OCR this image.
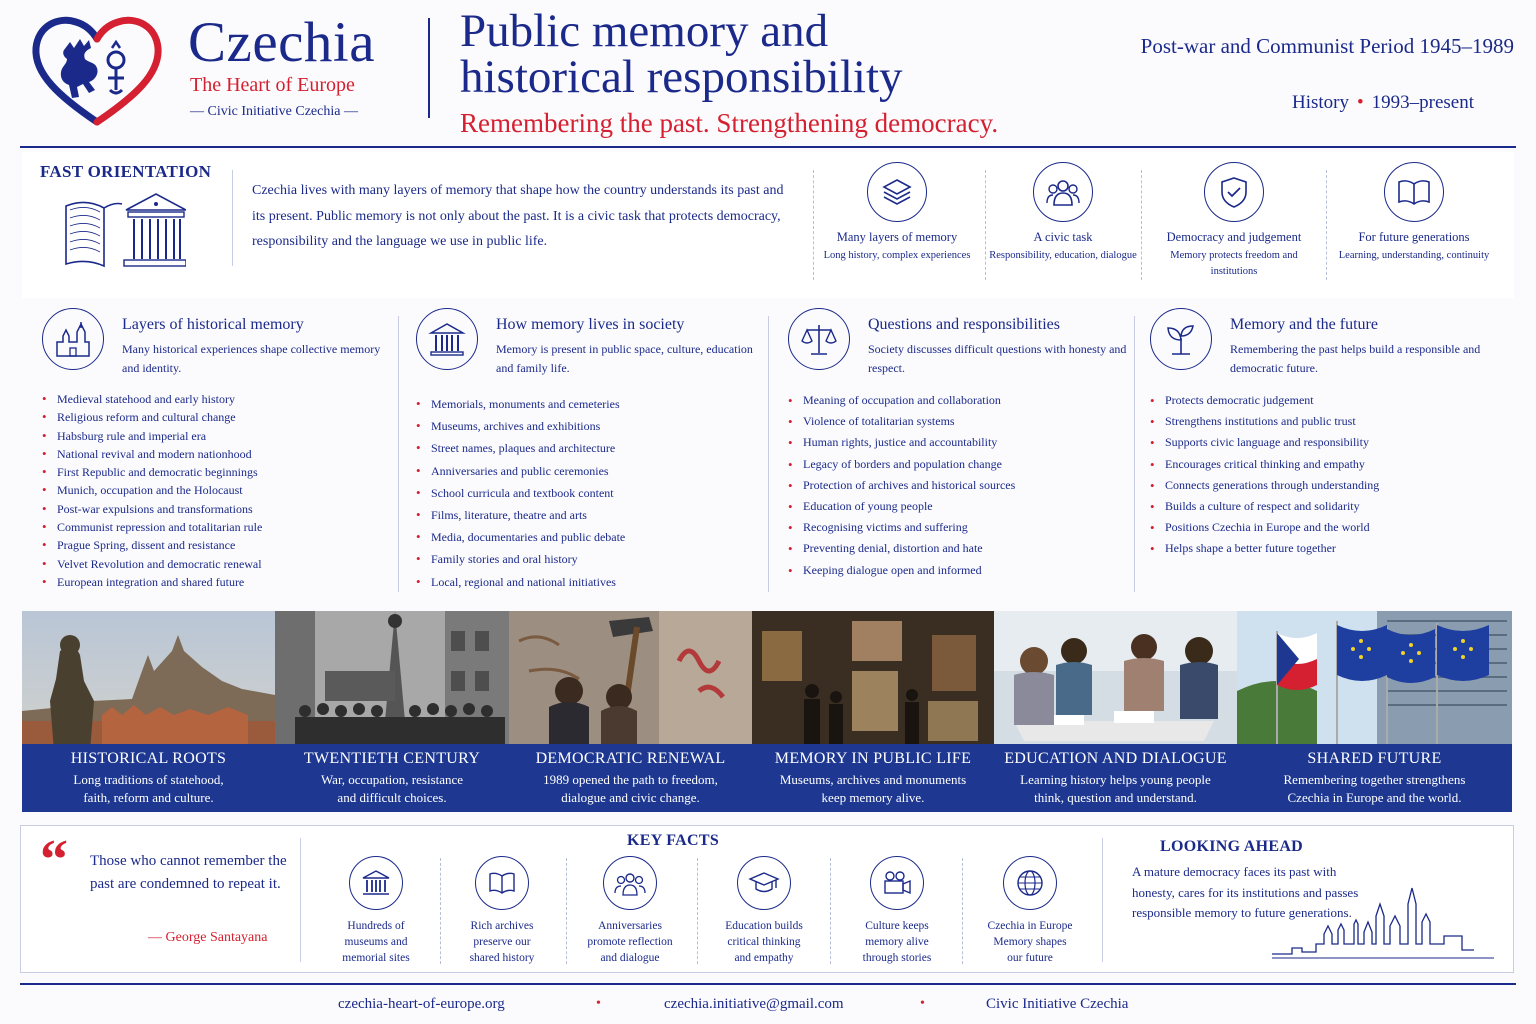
Czechia
The Heart of Europe
— Civic Initiative Czechia —
Public memory and
historical responsibility
Remembering the past. Strengthening democracy.
Post-war and Communist Period 1945–1989
History • 1993–present
FAST ORIENTATION
Czechia lives with many layers of memory that shape how the country understands its past and its present. Public memory is not only about the past. It is a civic task that protects democracy, responsibility and the language we use in public life.	Many layers of memory
Long history, complex experiences
A civic task
Responsibility, education, dialogue
Democracy and judgement
Memory protects freedom and institutions
For future generations
Learning, understanding, continuity
Layers of historical memory
Many historical experiences shape collective memory and identity.
• Medieval statehood and early history
• Religious reform and cultural change
• Habsburg rule and imperial era
• National revival and modern nationhood
• First Republic and democratic beginnings
• Munich, occupation and the Holocaust
• Post-war expulsions and transformations
• Communist repression and totalitarian rule
• Prague Spring, dissent and resistance
• Velvet Revolution and democratic renewal
• European integration and shared future
How memory lives in society
Memory is present in public space, culture, education and family life.
• Memorials, monuments and cemeteries
• Museums, archives and exhibitions
• Street names, plaques and architecture
• Anniversaries and public ceremonies
• School curricula and textbook content
• Films, literature, theatre and arts
• Media, documentaries and public debate
• Family stories and oral history
• Local, regional and national initiatives
Questions and responsibilities
Society discusses difficult questions with honesty and respect.
• Meaning of occupation and collaboration
• Violence of totalitarian systems
• Human rights, justice and accountability
• Legacy of borders and population change
• Protection of archives and historical sources
• Education of young people
• Recognising victims and suffering
• Preventing denial, distortion and hate
• Keeping dialogue open and informed
Memory and the future
Remembering the past helps build a responsible and democratic future.
• Protects democratic judgement
• Strengthens institutions and public trust
• Supports civic language and responsibility
• Encourages critical thinking and empathy
• Connects generations through understanding
• Builds a culture of respect and solidarity
• Positions Czechia in Europe and the world
• Helps shape a better future together
HISTORICAL ROOTS
Long traditions of statehood,
faith, reform and culture.
TWENTIETH CENTURY
War, occupation, resistance
and difficult choices.
DEMOCRATIC RENEWAL
1989 opened the path to freedom,
dialogue and civic change.
MEMORY IN PUBLIC LIFE
Museums, archives and monuments
keep memory alive.
EDUCATION AND DIALOGUE
Learning history helps young people
think, question and understand.
SHARED FUTURE
Remembering together strengthens
Czechia in Europe and the world.
“ Those who cannot remember the past are condemned to repeat it.
— George Santayana
KEY FACTS
Hundreds of
museums and
memorial sites
Rich archives
preserve our
shared history
Anniversaries
promote reflection
and dialogue
Education builds
critical thinking
and empathy
Culture keeps
memory alive
through stories
Czechia in Europe
Memory shapes
our future
LOOKING AHEAD
A mature democracy faces its past with honesty, cares for its institutions and passes responsible memory to future generations.
czechia-heart-of-europe.org	•	czechia.initiative@gmail.com	•	Civic Initiative Czechia
